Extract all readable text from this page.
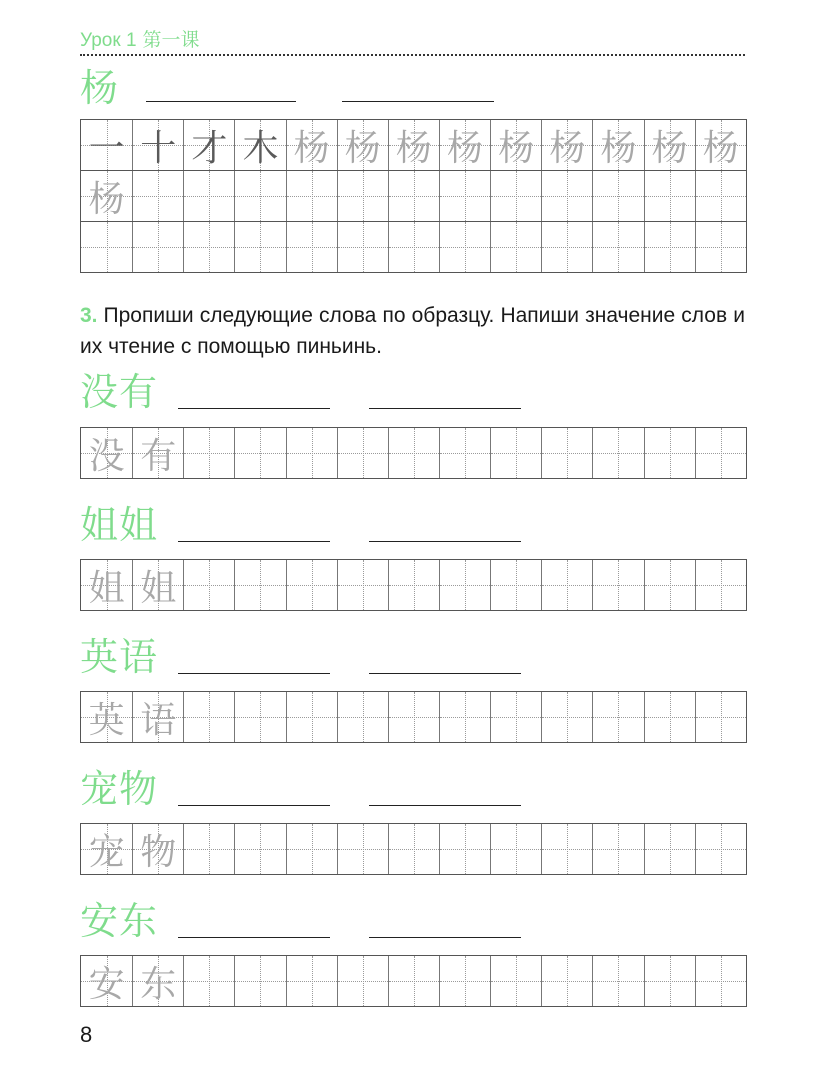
Урок 1 第一课
杨
一 十 才 木 杨 杨 杨 杨 杨 杨 杨 杨 杨
杨
3. Пропиши следующие слова по образцу. Напиши значение слов и их чтение с помощью пиньинь.
没有
没 有
姐姐
姐 姐
英语
英 语
宠物
宠 物
安东
安 东
8
